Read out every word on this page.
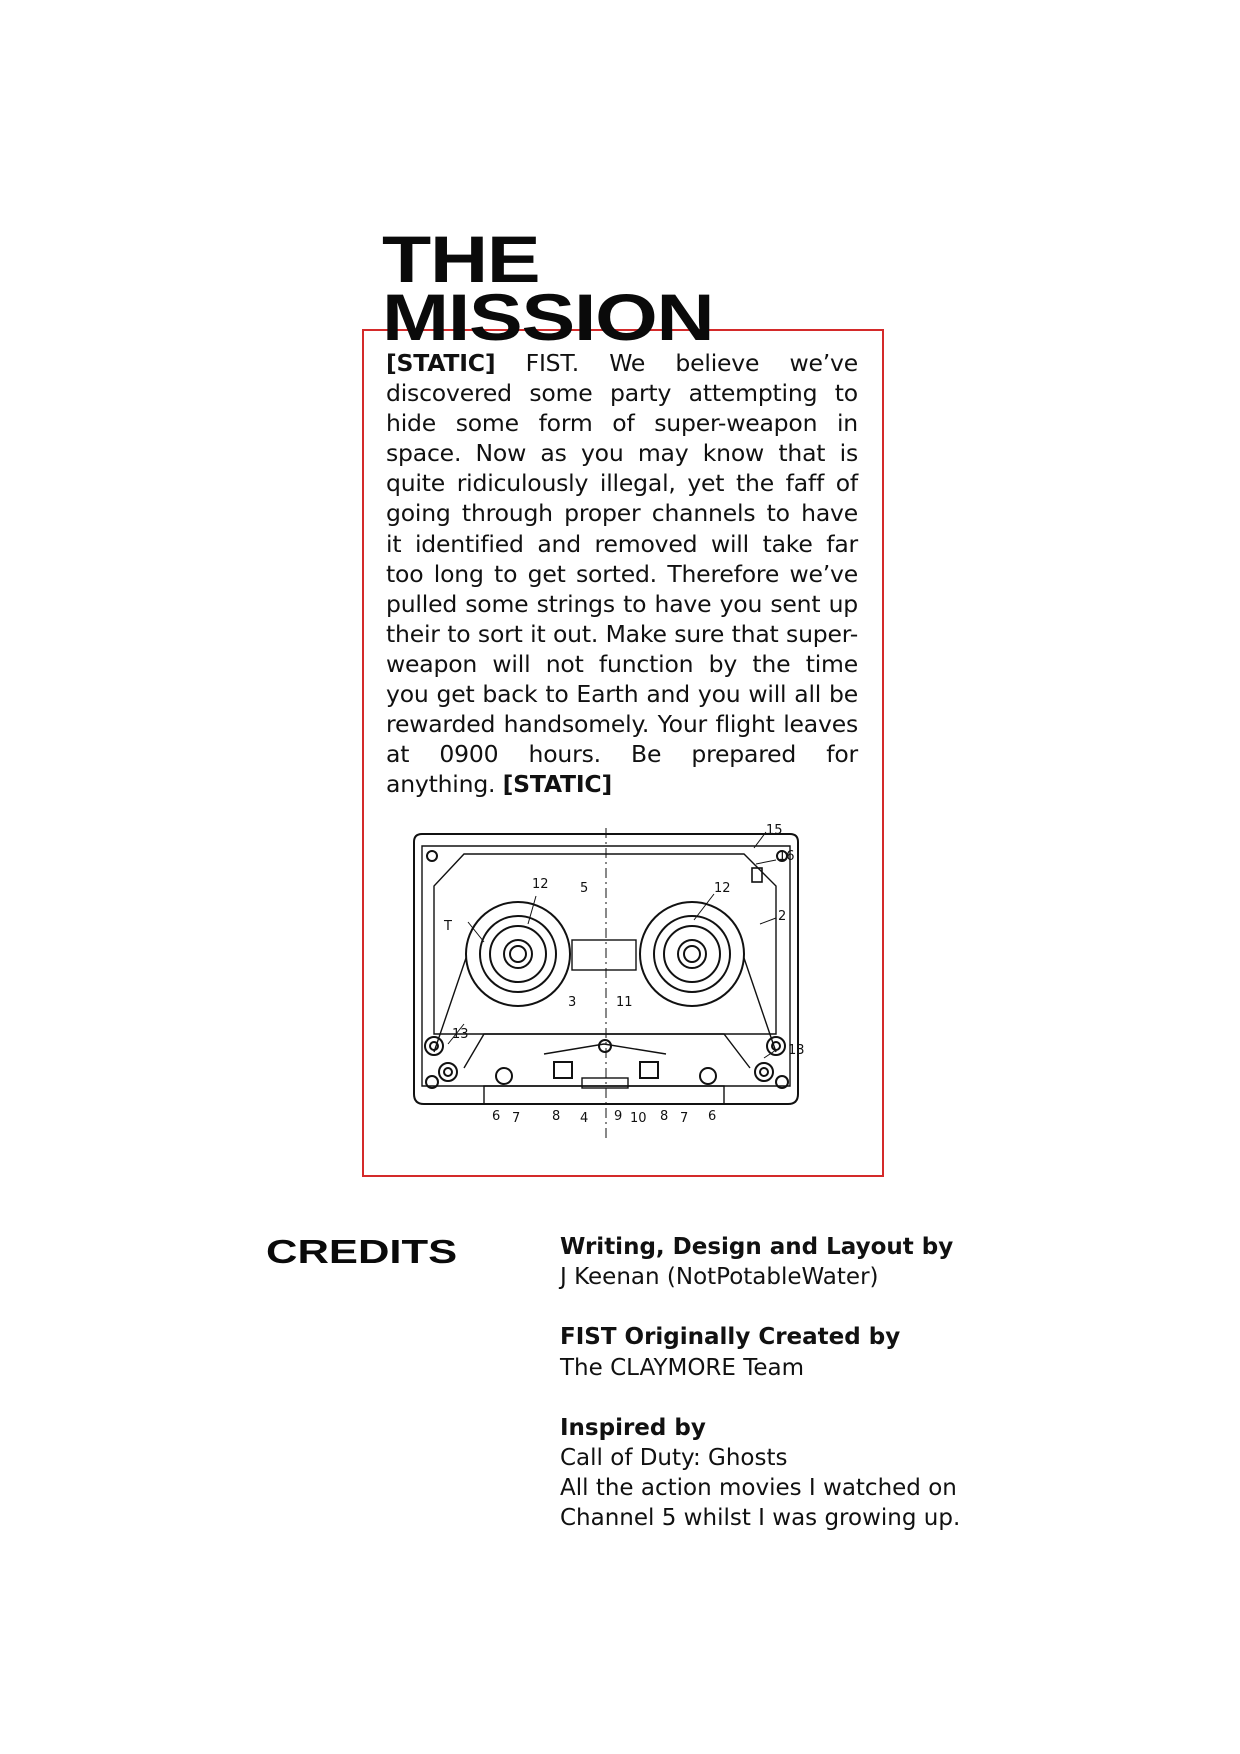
THE
MISSION

[STATIC] FIST. We believe we’ve discovered some party attempting to hide some form of super-weapon in space. Now as you may know that is quite ridiculously illegal, yet the faff of going through proper channels to have it identified and removed will take far too long to get sorted. Therefore we’ve pulled some strings to have you sent up their to sort it out. Make sure that super-weapon will not function by the time you get back to Earth and you will all be rewarded handsomely. Your flight leaves at 0900 hours. Be prepared for anything. [STATIC]

15
16
12 5	12
2
T
3	11
13
13
6 7 8 4 9 10 8 7 6
CREDITS	Writing, Design and Layout by
J Keenan (NotPotableWater)
FIST Originally Created by
The CLAYMORE Team
Inspired by
Call of Duty: Ghosts
All the action movies I watched on
Channel 5 whilst I was growing up.
